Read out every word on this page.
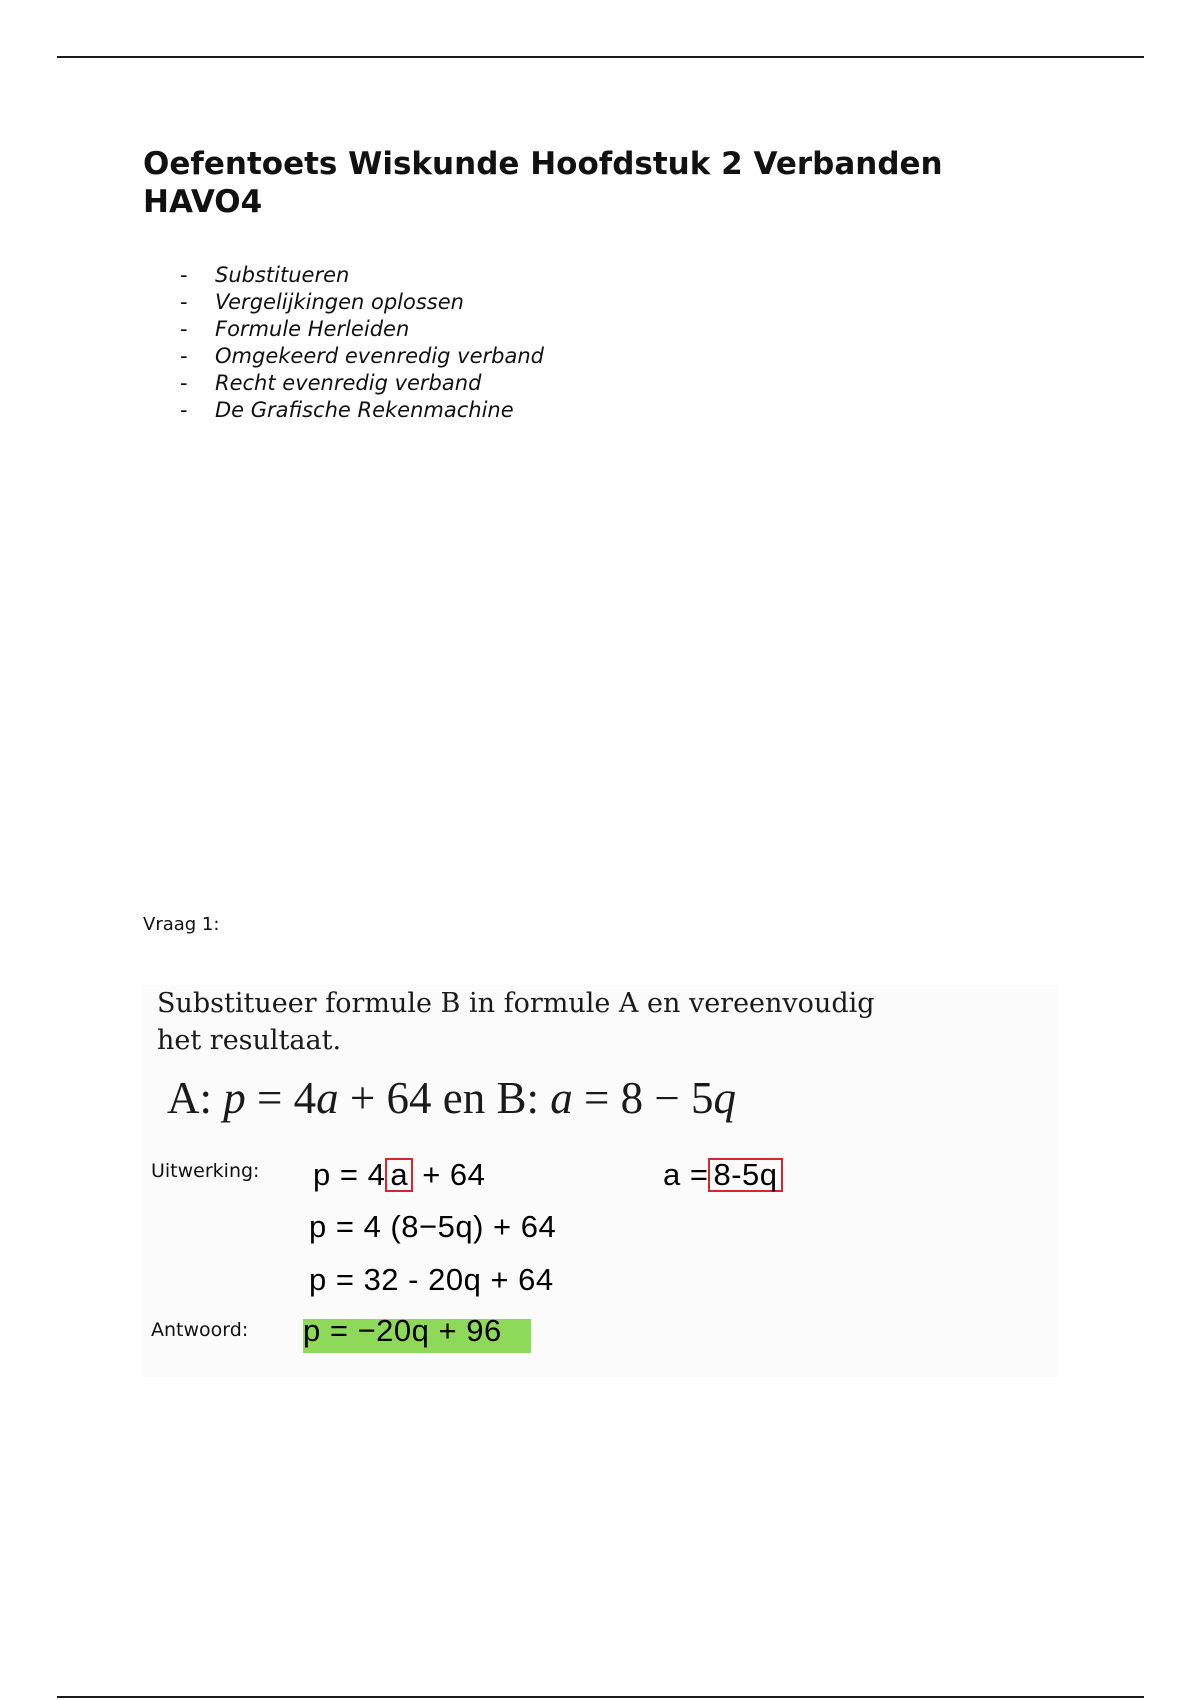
Oefentoets Wiskunde Hoofdstuk 2 Verbanden HAVO4
- Substitueren
- Vergelijkingen oplossen
- Formule Herleiden
- Omgekeerd evenredig verband
- Recht evenredig verband
- De Grafische Rekenmachine
Vraag 1:

Substitueer formule B in formule A en vereenvoudig het resultaat.

A: p = 4a + 64 en B: a = 8 − 5q

Uitwerking:
Antwoord:
p = 4 a + 64
p = 4 (8−5q) + 64
p = 32 - 20q + 64
p = −20q + 96
a = 8-5q
